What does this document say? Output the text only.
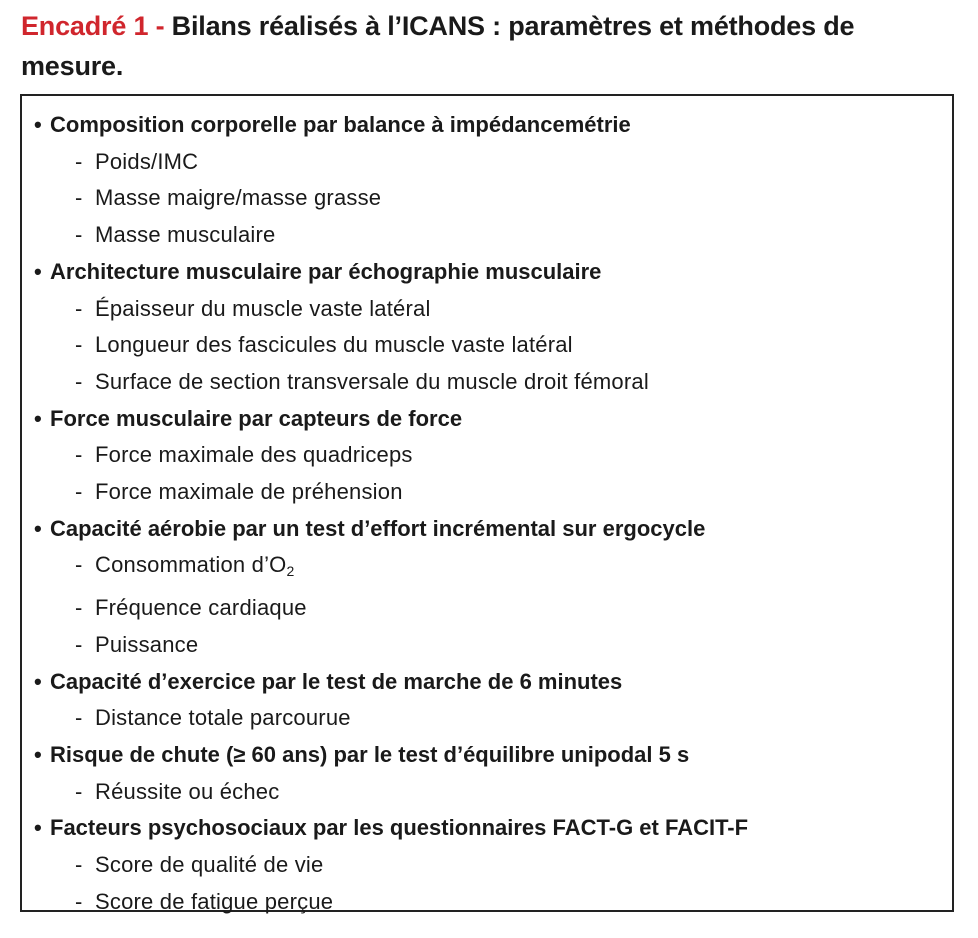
Encadré 1 - Bilans réalisés à l’ICANS : paramètres et méthodes de mesure.
• Composition corporelle par balance à impédancemétrie
- Poids/IMC
- Masse maigre/masse grasse
- Masse musculaire
• Architecture musculaire par échographie musculaire
- Épaisseur du muscle vaste latéral
- Longueur des fascicules du muscle vaste latéral
- Surface de section transversale du muscle droit fémoral
• Force musculaire par capteurs de force
- Force maximale des quadriceps
- Force maximale de préhension
• Capacité aérobie par un test d’effort incrémental sur ergocycle
- Consommation $d’O_2$
- Fréquence cardiaque
- Puissance
• Capacité d’exercice par le test de marche de 6 minutes
- Distance totale parcourue
• Risque de chute (≥ 60 ans) par le test d’équilibre unipodal 5 s
- Réussite ou échec
• Facteurs psychosociaux par les questionnaires FACT-G et FACIT-F
- Score de qualité de vie
- Score de fatigue perçue
